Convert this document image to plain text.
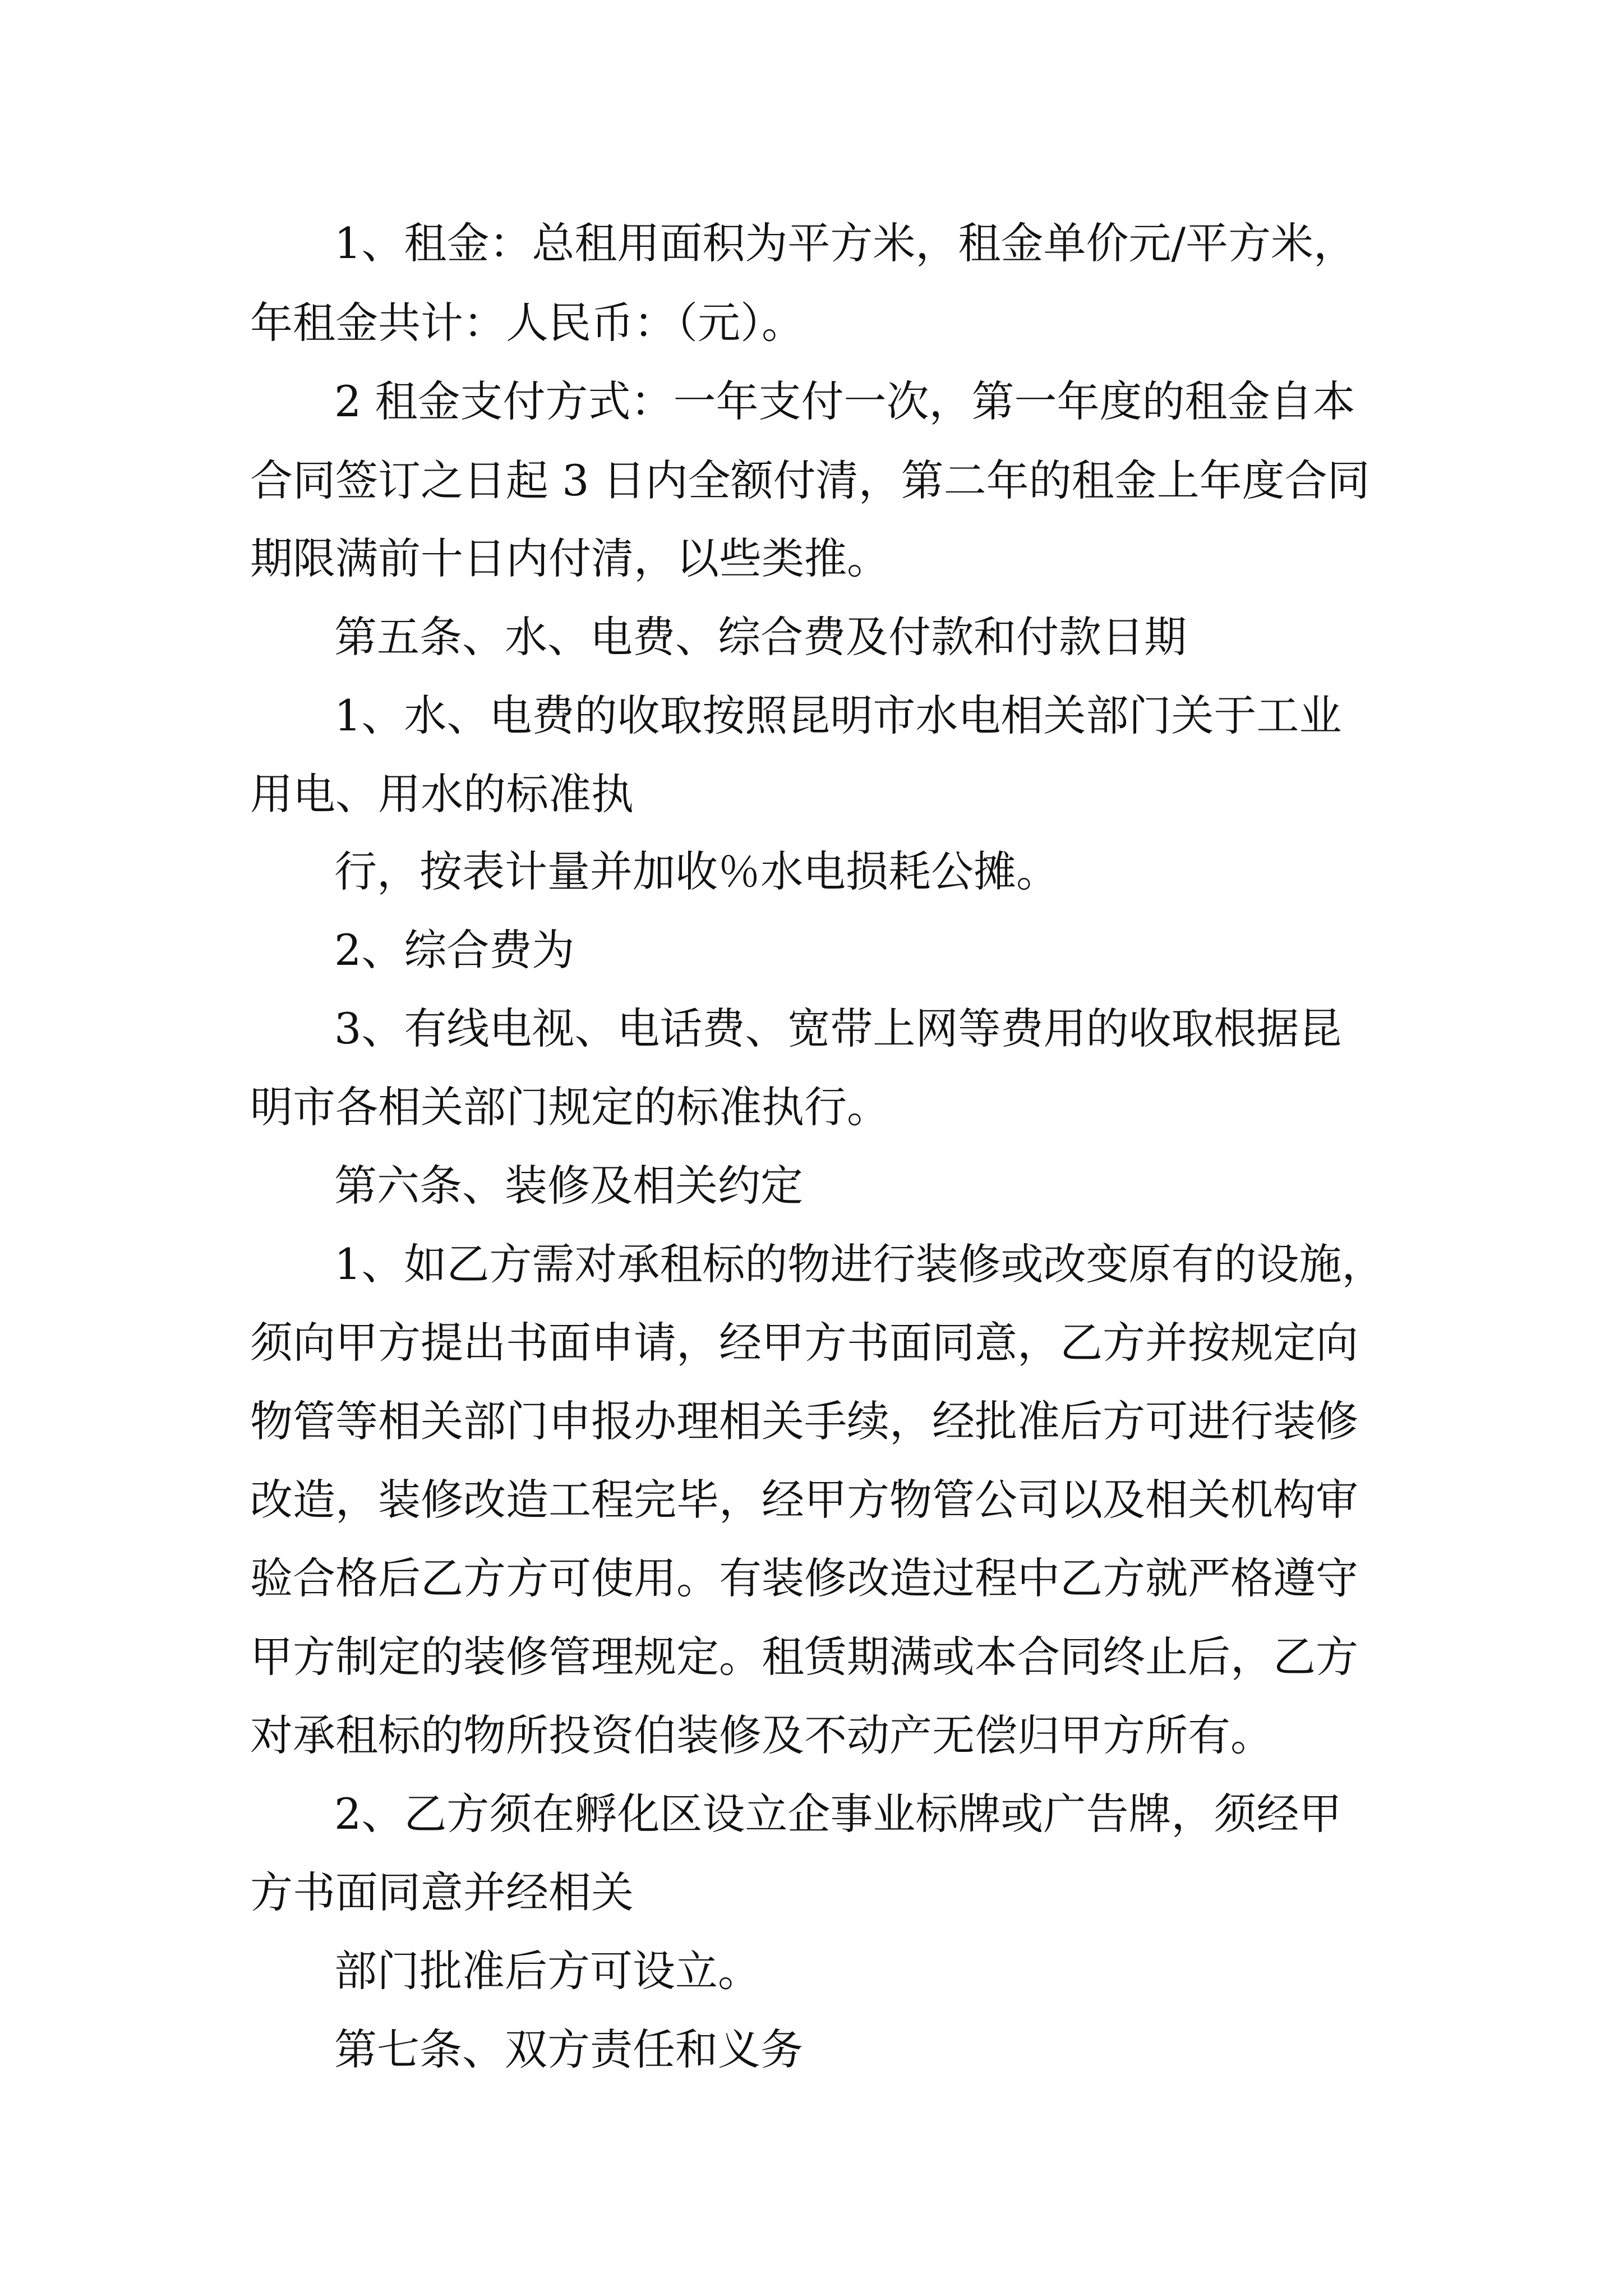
1、租金：总租用面积为平方米，租金单价元/平方米，

年租金共计：人民币：（元）。

2 租金支付方式：一年支付一次，第一年度的租金自本

合同签订之日起 3 日内全额付清，第二年的租金上年度合同

期限满前十日内付清，以些类推。

第五条、水、电费、综合费及付款和付款日期

1、水、电费的收取按照昆明市水电相关部门关于工业

用电、用水的标准执

行，按表计量并加收％水电损耗公摊。

2、综合费为

3、有线电视、电话费、宽带上网等费用的收取根据昆

明市各相关部门规定的标准执行。

第六条、装修及相关约定

1、如乙方需对承租标的物进行装修或改变原有的设施，

须向甲方提出书面申请，经甲方书面同意，乙方并按规定向

物管等相关部门申报办理相关手续，经批准后方可进行装修

改造，装修改造工程完毕，经甲方物管公司以及相关机构审

验合格后乙方方可使用。有装修改造过程中乙方就严格遵守

甲方制定的装修管理规定。租赁期满或本合同终止后，乙方

对承租标的物所投资伯装修及不动产无偿归甲方所有。

2、乙方须在孵化区设立企事业标牌或广告牌，须经甲

方书面同意并经相关

部门批准后方可设立。

第七条、双方责任和义务
